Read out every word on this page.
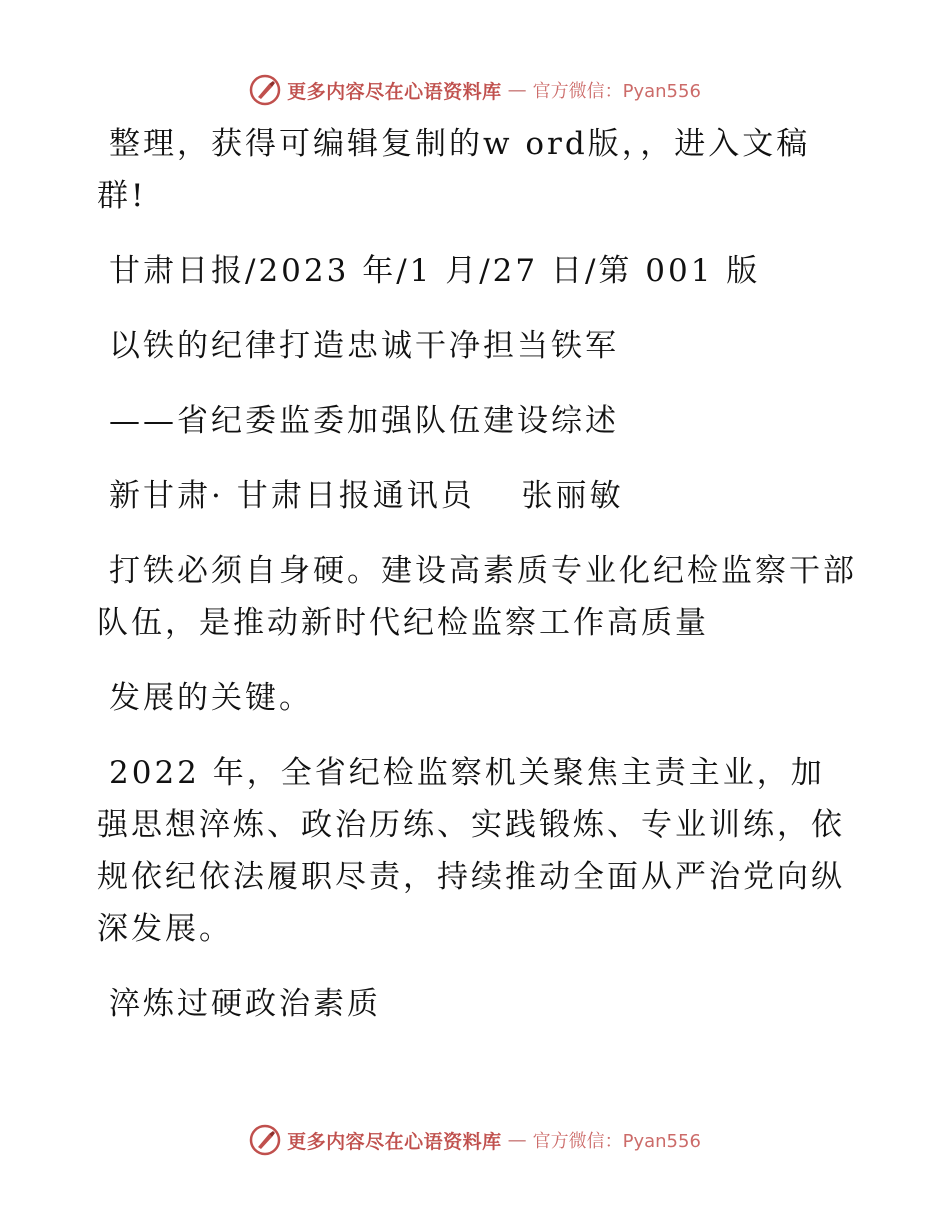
更多内容尽在心语资料库 — 官方微信：Pyan556

整理，获得可编辑复制的w ord版，，进入文稿群!

甘肃日报/2023 年/1 月/27 日/第 001 版

以铁的纪律打造忠诚干净担当铁军

——省纪委监委加强队伍建设综述

新甘肃· 甘肃日报通讯员　 张丽敏

打铁必须自身硬。建设高素质专业化纪检监察干部队伍，是推动新时代纪检监察工作高质量

发展的关键。

2022 年，全省纪检监察机关聚焦主责主业，加强思想淬炼、政治历练、实践锻炼、专业训练，依规依纪依法履职尽责，持续推动全面从严治党向纵深发展。

淬炼过硬政治素质

更多内容尽在心语资料库 — 官方微信：Pyan556
